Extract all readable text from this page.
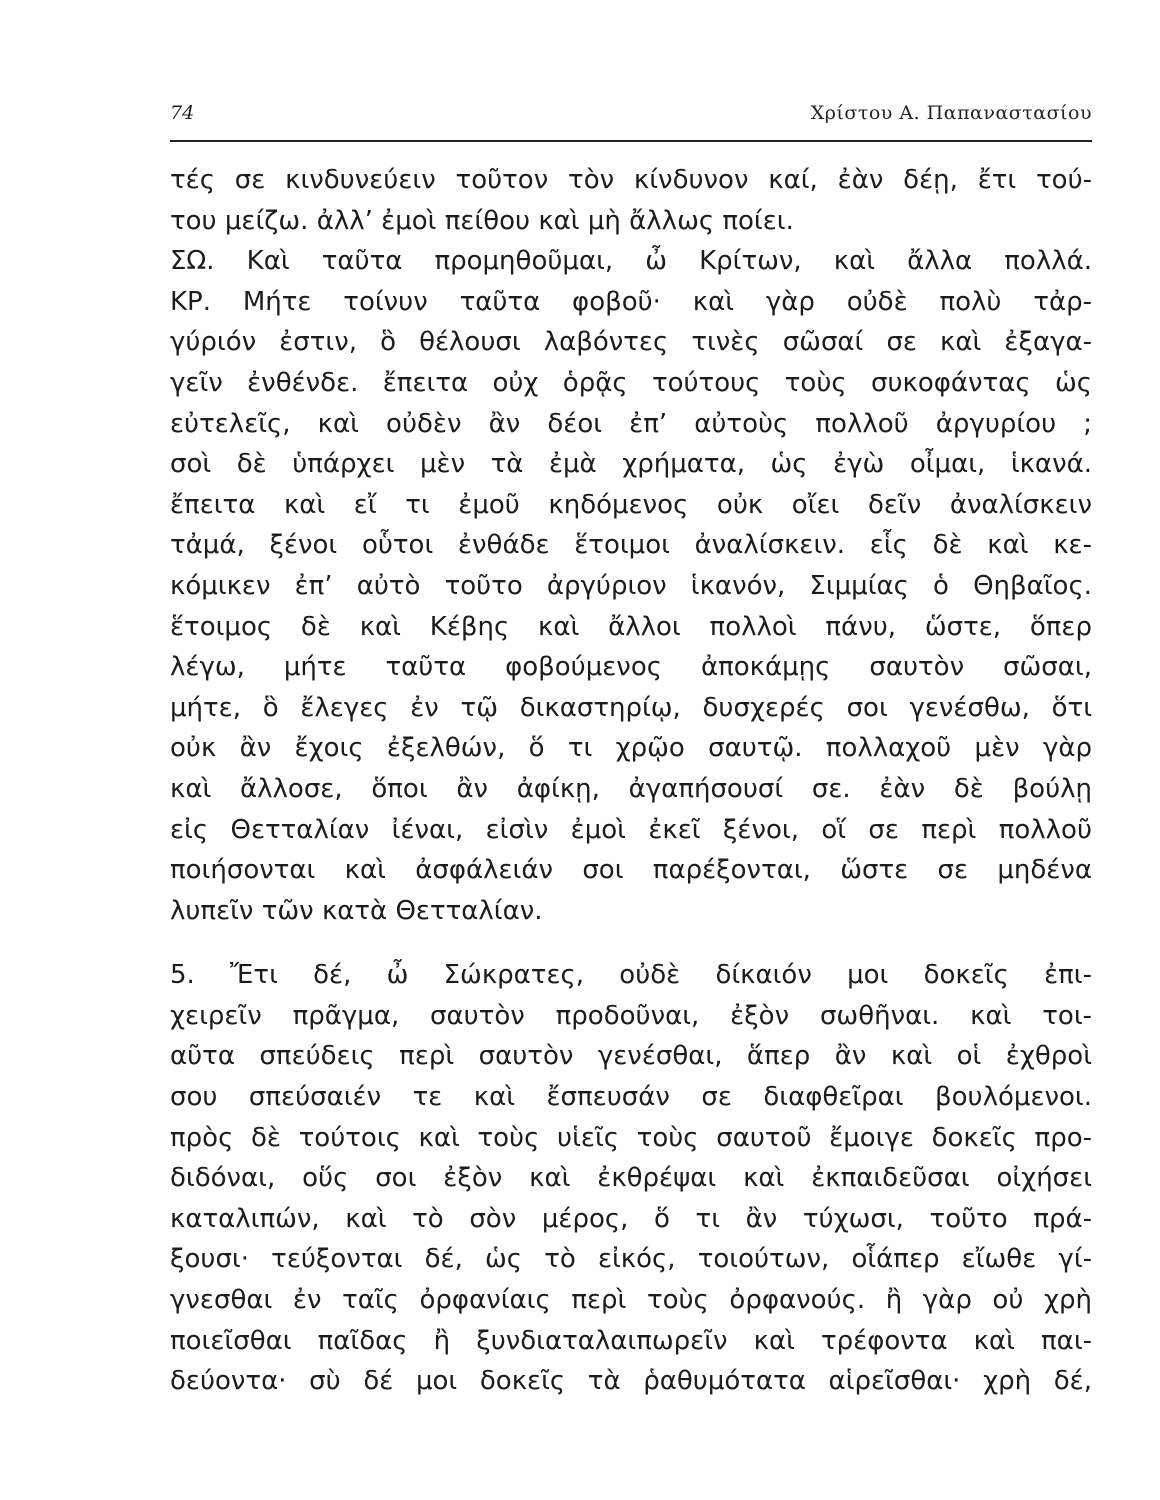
74	Χρίστου Α. Παπαναστασίου
τές σε κινδυνεύειν τοῦτον τὸν κίνδυνον καί, ἐὰν δέῃ, ἔτι τού-
του μείζω. ἀλλ’ ἐμοὶ πείθου καὶ μὴ ἄλλως ποίει.
ΣΩ. Καὶ ταῦτα προμηθοῦμαι, ὦ Κρίτων, καὶ ἄλλα πολλά.
ΚΡ. Μήτε τοίνυν ταῦτα φοβοῦ· καὶ γὰρ οὐδὲ πολὺ τἀρ-
γύριόν ἐστιν, ὃ θέλουσι λαβόντες τινὲς σῶσαί σε καὶ ἐξαγα-
γεῖν ἐνθένδε. ἔπειτα οὐχ ὁρᾷς τούτους τοὺς συκοφάντας ὡς
εὐτελεῖς, καὶ οὐδὲν ἂν δέοι ἐπ’ αὐτοὺς πολλοῦ ἀργυρίου ;
σοὶ δὲ ὑπάρχει μὲν τὰ ἐμὰ χρήματα, ὡς ἐγὼ οἶμαι, ἱκανά.
ἔπειτα καὶ εἴ τι ἐμοῦ κηδόμενος οὐκ οἴει δεῖν ἀναλίσκειν
τἀμά, ξένοι οὗτοι ἐνθάδε ἕτοιμοι ἀναλίσκειν. εἷς δὲ καὶ κε-
κόμικεν ἐπ’ αὐτὸ τοῦτο ἀργύριον ἱκανόν, Σιμμίας ὁ Θηβαῖος.
ἕτοιμος δὲ καὶ Κέβης καὶ ἄλλοι πολλοὶ πάνυ, ὥστε, ὅπερ
λέγω, μήτε ταῦτα φοβούμενος ἀποκάμῃς σαυτὸν σῶσαι,
μήτε, ὃ ἔλεγες ἐν τῷ δικαστηρίῳ, δυσχερές σοι γενέσθω, ὅτι
οὐκ ἂν ἔχοις ἐξελθών, ὅ τι χρῷο σαυτῷ. πολλαχοῦ μὲν γὰρ
καὶ ἄλλοσε, ὅποι ἂν ἀφίκῃ, ἀγαπήσουσί σε. ἐὰν δὲ βούλῃ
εἰς Θετταλίαν ἰέναι, εἰσὶν ἐμοὶ ἐκεῖ ξένοι, οἵ σε περὶ πολλοῦ
ποιήσονται καὶ ἀσφάλειάν σοι παρέξονται, ὥστε σε μηδένα
λυπεῖν τῶν κατὰ Θετταλίαν.
5. Ἔτι δέ, ὦ Σώκρατες, οὐδὲ δίκαιόν μοι δοκεῖς ἐπι-
χειρεῖν πρᾶγμα, σαυτὸν προδοῦναι, ἐξὸν σωθῆναι. καὶ τοι-
αῦτα σπεύδεις περὶ σαυτὸν γενέσθαι, ἅπερ ἂν καὶ οἱ ἐχθροὶ
σου σπεύσαιέν τε καὶ ἔσπευσάν σε διαφθεῖραι βουλόμενοι.
πρὸς δὲ τούτοις καὶ τοὺς υἱεῖς τοὺς σαυτοῦ ἔμοιγε δοκεῖς προ-
διδόναι, οὕς σοι ἐξὸν καὶ ἐκθρέψαι καὶ ἐκπαιδεῦσαι οἰχήσει
καταλιπών, καὶ τὸ σὸν μέρος, ὅ τι ἂν τύχωσι, τοῦτο πρά-
ξουσι· τεύξονται δέ, ὡς τὸ εἰκός, τοιούτων, οἷάπερ εἴωθε γί-
γνεσθαι ἐν ταῖς ὀρφανίαις περὶ τοὺς ὀρφανούς. ἢ γὰρ οὐ χρὴ
ποιεῖσθαι παῖδας ἢ ξυνδιαταλαιπωρεῖν καὶ τρέφοντα καὶ παι-
δεύοντα· σὺ δέ μοι δοκεῖς τὰ ῥαθυμότατα αἱρεῖσθαι· χρὴ δέ,
